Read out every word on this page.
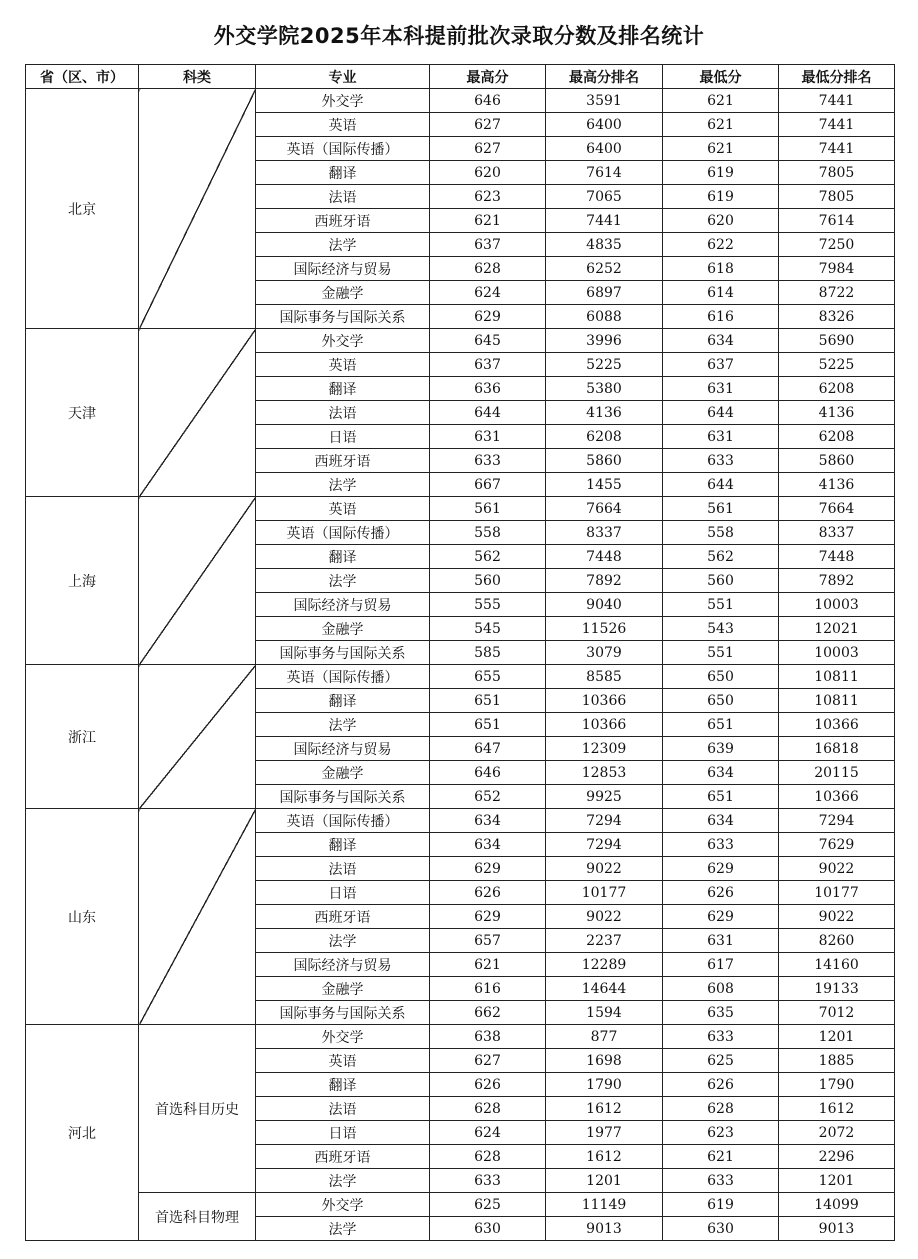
外交学院2025年本科提前批次录取分数及排名统计
省（区、市）	科类	专业	最高分	最高分排名	最低分	最低分排名
北京		外交学	646	3591	621	7441
		英语	627	6400	621	7441
		英语（国际传播）	627	6400	621	7441
		翻译	620	7614	619	7805
		法语	623	7065	619	7805
		西班牙语	621	7441	620	7614
		法学	637	4835	622	7250
		国际经济与贸易	628	6252	618	7984
		金融学	624	6897	614	8722
		国际事务与国际关系	629	6088	616	8326
天津		外交学	645	3996	634	5690
		英语	637	5225	637	5225
		翻译	636	5380	631	6208
		法语	644	4136	644	4136
		日语	631	6208	631	6208
		西班牙语	633	5860	633	5860
		法学	667	1455	644	4136
上海		英语	561	7664	561	7664
		英语（国际传播）	558	8337	558	8337
		翻译	562	7448	562	7448
		法学	560	7892	560	7892
		国际经济与贸易	555	9040	551	10003
		金融学	545	11526	543	12021
		国际事务与国际关系	585	3079	551	10003
浙江		英语（国际传播）	655	8585	650	10811
		翻译	651	10366	650	10811
		法学	651	10366	651	10366
		国际经济与贸易	647	12309	639	16818
		金融学	646	12853	634	20115
		国际事务与国际关系	652	9925	651	10366
山东		英语（国际传播）	634	7294	634	7294
		翻译	634	7294	633	7629
		法语	629	9022	629	9022
		日语	626	10177	626	10177
		西班牙语	629	9022	629	9022
		法学	657	2237	631	8260
		国际经济与贸易	621	12289	617	14160
		金融学	616	14644	608	19133
		国际事务与国际关系	662	1594	635	7012
河北	首选科目历史	外交学	638	877	633	1201
		英语	627	1698	625	1885
		翻译	626	1790	626	1790
		法语	628	1612	628	1612
		日语	624	1977	623	2072
		西班牙语	628	1612	621	2296
		法学	633	1201	633	1201
	首选科目物理	外交学	625	11149	619	14099
		法学	630	9013	630	9013
